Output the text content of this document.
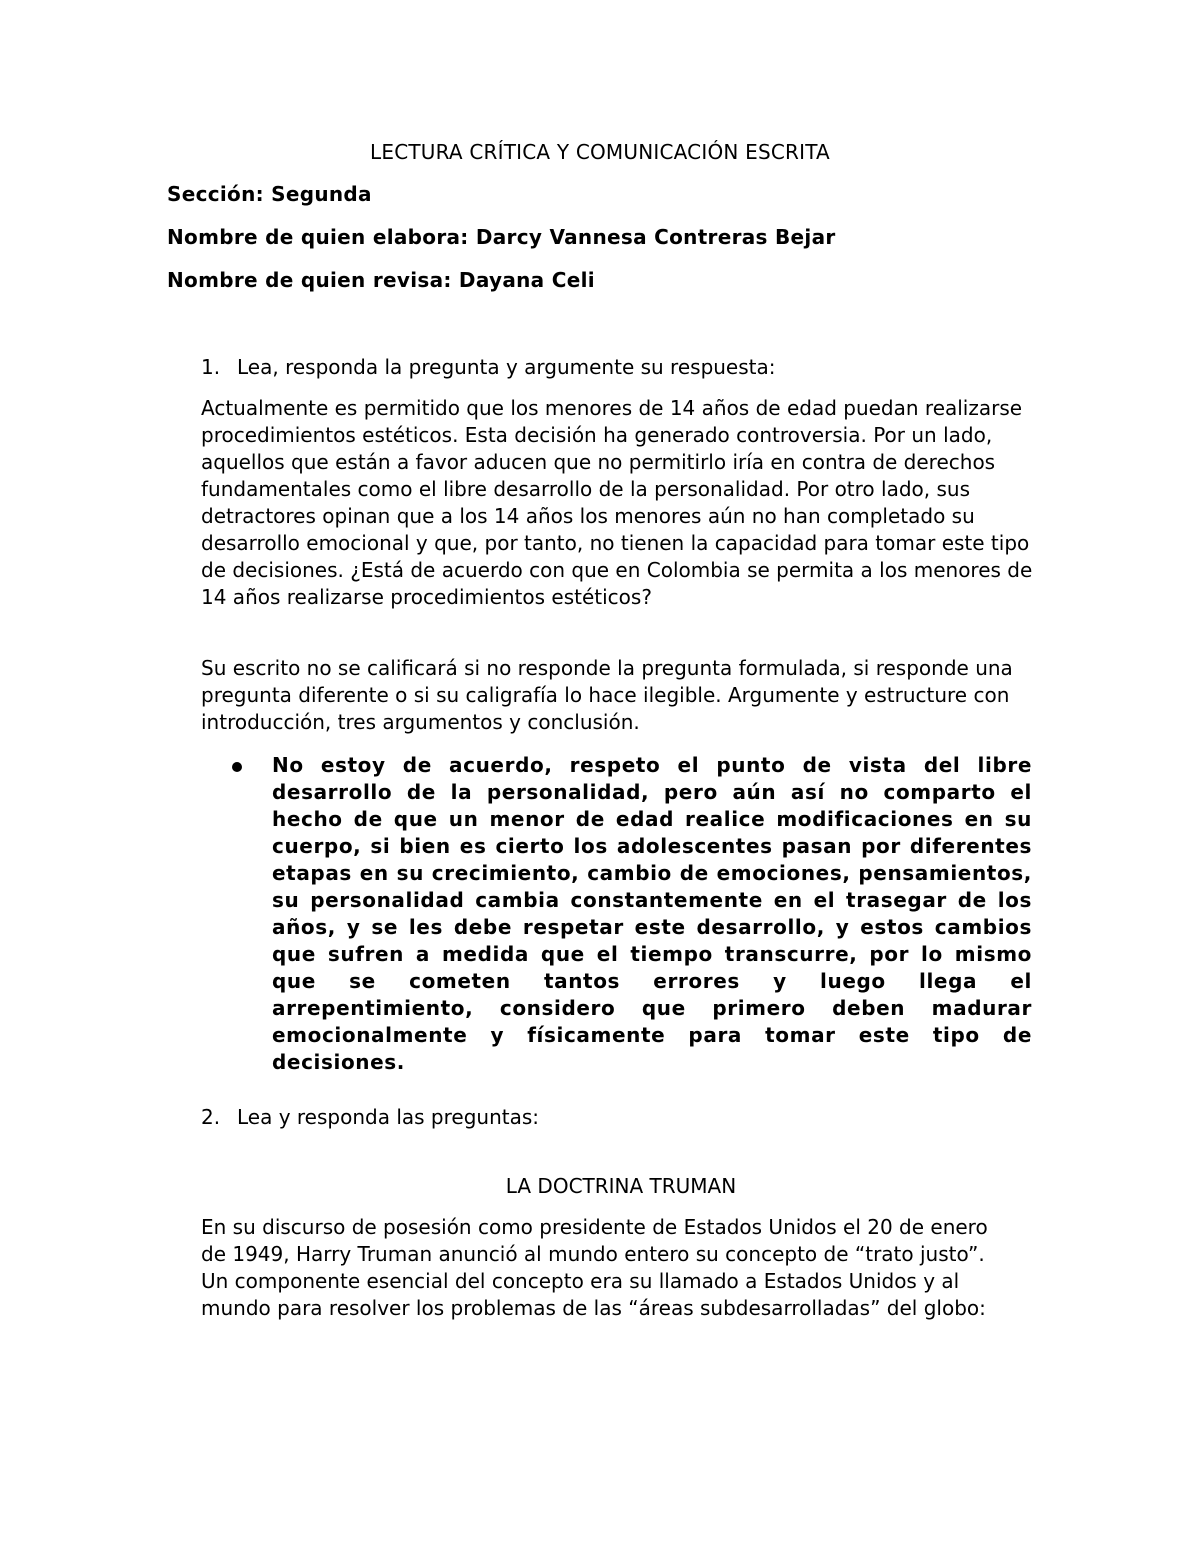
LECTURA CRÍTICA Y COMUNICACIÓN ESCRITA
Sección: Segunda
Nombre de quien elabora: Darcy Vannesa Contreras Bejar
Nombre de quien revisa: Dayana Celi
1. Lea, responda la pregunta y argumente su respuesta:

Actualmente es permitido que los menores de 14 años de edad puedan realizarse procedimientos estéticos. Esta decisión ha generado controversia. Por un lado, aquellos que están a favor aducen que no permitirlo iría en contra de derechos fundamentales como el libre desarrollo de la personalidad. Por otro lado, sus detractores opinan que a los 14 años los menores aún no han completado su desarrollo emocional y que, por tanto, no tienen la capacidad para tomar este tipo de decisiones. ¿Está de acuerdo con que en Colombia se permita a los menores de 14 años realizarse procedimientos estéticos?

Su escrito no se calificará si no responde la pregunta formulada, si responde una pregunta diferente o si su caligrafía lo hace ilegible. Argumente y estructure con introducción, tres argumentos y conclusión.

No estoy de acuerdo, respeto el punto de vista del libre desarrollo de la personalidad, pero aún así no comparto el hecho de que un menor de edad realice modificaciones en su cuerpo, si bien es cierto los adolescentes pasan por diferentes etapas en su crecimiento, cambio de emociones, pensamientos, su personalidad cambia constantemente en el trasegar de los años, y se les debe respetar este desarrollo, y estos cambios que sufren a medida que el tiempo transcurre, por lo mismo que se cometen tantos errores y luego llega el arrepentimiento, considero que primero deben madurar emocionalmente y físicamente para tomar este tipo de decisiones.

2. Lea y responda las preguntas:
LA DOCTRINA TRUMAN

En su discurso de posesión como presidente de Estados Unidos el 20 de enero de 1949, Harry Truman anunció al mundo entero su concepto de “trato justo”. Un componente esencial del concepto era su llamado a Estados Unidos y al mundo para resolver los problemas de las “áreas subdesarrolladas” del globo:
